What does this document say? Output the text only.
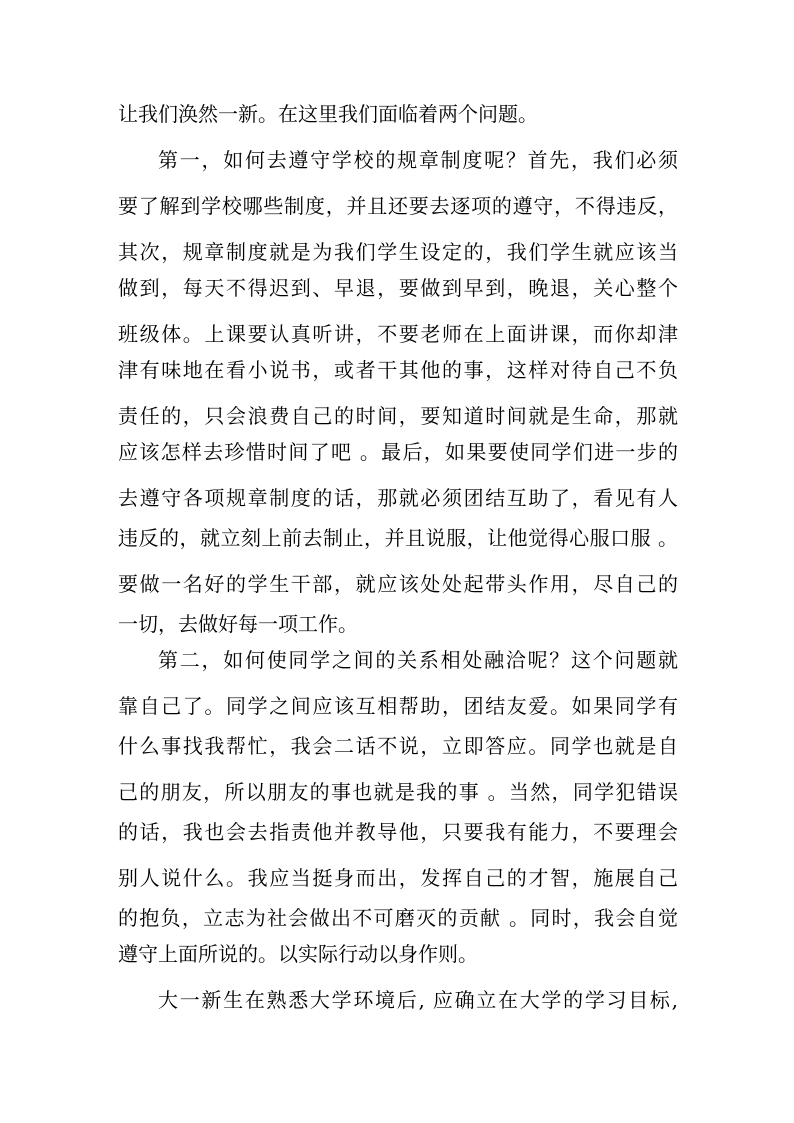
让我们涣然一新。在这里我们面临着两个问题。
第一，如何去遵守学校的规章制度呢？首先，我们必须
要了解到学校哪些制度，并且还要去逐项的遵守，不得违反，
其次，规章制度就是为我们学生设定的，我们学生就应该当
做到，每天不得迟到、早退，要做到早到，晚退，关心整个
班级体。上课要认真听讲，不要老师在上面讲课，而你却津
津有味地在看小说书，或者干其他的事，这样对待自己不负
责任的，只会浪费自己的时间，要知道时间就是生命，那就
应该怎样去珍惜时间了吧 。最后，如果要使同学们进一步的
去遵守各项规章制度的话，那就必须团结互助了，看见有人
违反的，就立刻上前去制止，并且说服，让他觉得心服口服 。
要做一名好的学生干部，就应该处处起带头作用，尽自己的
一切，去做好每一项工作。
第二，如何使同学之间的关系相处融洽呢？这个问题就
靠自己了。同学之间应该互相帮助，团结友爱。如果同学有
什么事找我帮忙，我会二话不说，立即答应。同学也就是自
己的朋友，所以朋友的事也就是我的事 。当然，同学犯错误
的话，我也会去指责他并教导他，只要我有能力，不要理会
别人说什么。我应当挺身而出，发挥自己的才智，施展自己
的抱负，立志为社会做出不可磨灭的贡献 。同时，我会自觉
遵守上面所说的。以实际行动以身作则。
大一新生在熟悉大学环境后, 应确立在大学的学习目标,
